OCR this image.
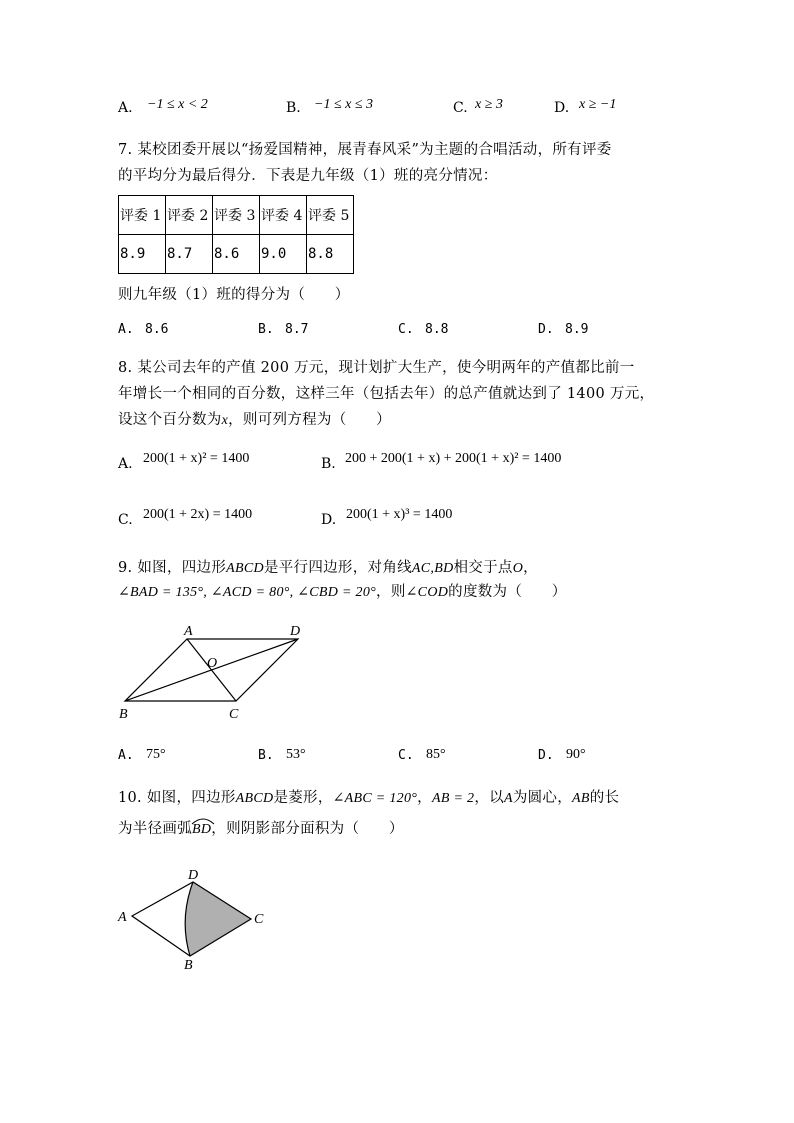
A. −1 ≤ x < 2	B. −1 ≤ x ≤ 3	C. x ≥ 3	D. x ≥ −1
7. 某校团委开展以“扬爱国精神，展青春风采”为主题的合唱活动，所有评委
的平均分为最后得分．下表是九年级（1）班的亮分情况：
评委 1	评委 2	评委 3	评委 4	评委 5
8.9	8.7	8.6	9.0	8.8
则九年级（1）班的得分为（　　）
A. 8.6	B. 8.7	C. 8.8	D. 8.9
8. 某公司去年的产值 200 万元，现计划扩大生产，使今明两年的产值都比前一
年增长一个相同的百分数，这样三年（包括去年）的总产值就达到了 1400 万元，
设这个百分数为x，则可列方程为（　　）
A. 200(1 + x)² = 1400	B. 200 + 200(1 + x) + 200(1 + x)² = 1400
C. 200(1 + 2x) = 1400	D. 200(1 + x)³ = 1400
9. 如图，四边形ABCD是平行四边形，对角线AC,BD相交于点O，
∠BAD = 135°, ∠ACD = 80°, ∠CBD = 20°，则∠COD的度数为（　　）
A	D
O
B	C
A. 75°	B. 53°	C. 85°	D. 90°
10. 如图，四边形ABCD是菱形，∠ABC = 120°，AB = 2，以A为圆心，AB的长
为半径画弧
BD，则阴影部分面积为（　　）
A
D
C
B
